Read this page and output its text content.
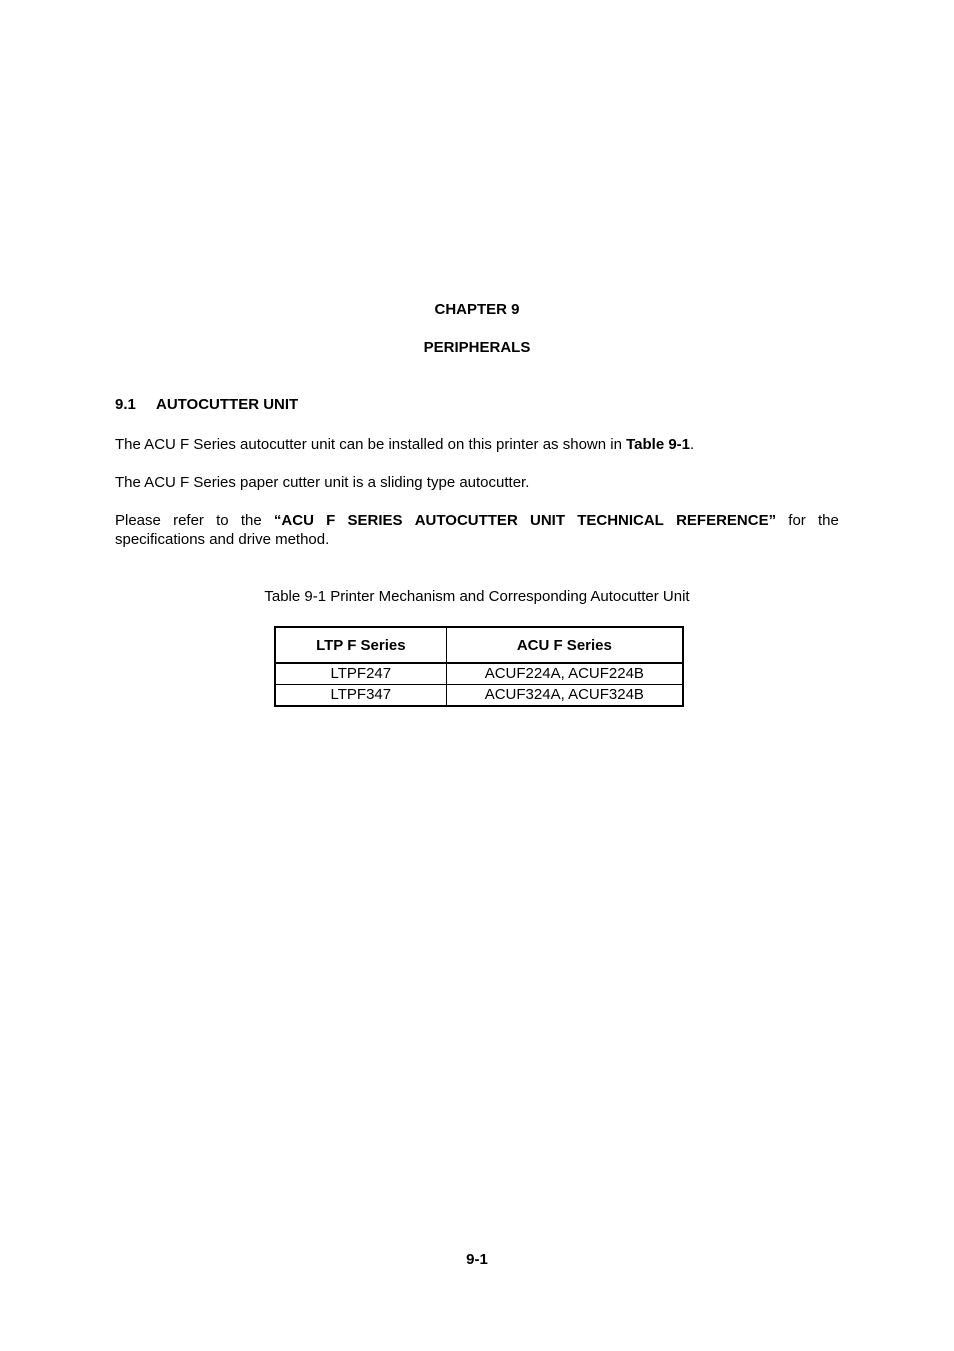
CHAPTER 9
PERIPHERALS
9.1 AUTOCUTTER UNIT
The ACU F Series autocutter unit can be installed on this printer as shown in Table 9-1.
The ACU F Series paper cutter unit is a sliding type autocutter.
Please refer to the “ACU F SERIES AUTOCUTTER UNIT TECHNICAL REFERENCE” for the
specifications and drive method.
Table 9-1 Printer Mechanism and Corresponding Autocutter Unit
LTP F Series	ACU F Series
LTPF247	ACUF224A, ACUF224B
LTPF347	ACUF324A, ACUF324B
9-1
